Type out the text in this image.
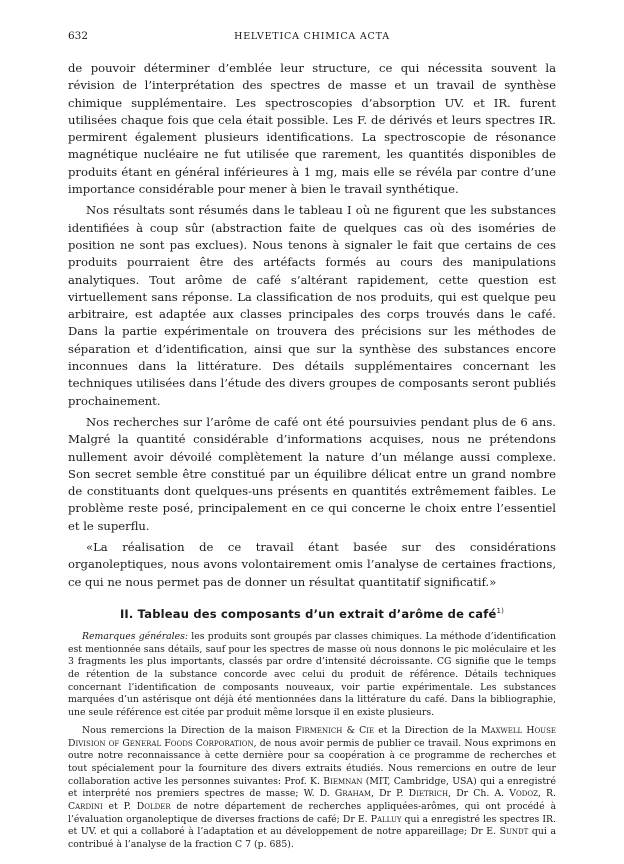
632	HELVETICA CHIMICA ACTA

de pouvoir déterminer d’emblée leur structure, ce qui nécessita souvent la révision de l’interprétation des spectres de masse et un travail de synthèse chimique supplémentaire. Les spectroscopies d’absorption UV. et IR. furent utilisées chaque fois que cela était possible. Les F. de dérivés et leurs spectres IR. permirent également plusieurs identifications. La spectroscopie de résonance magnétique nucléaire ne fut utilisée que rarement, les quantités disponibles de produits étant en général inférieures à 1 mg, mais elle se révéla par contre d’une importance considérable pour mener à bien le travail synthétique.

Nos résultats sont résumés dans le tableau I où ne figurent que les substances identifiées à coup sûr (abstraction faite de quelques cas où des isoméries de position ne sont pas exclues). Nous tenons à signaler le fait que certains de ces produits pourraient être des artéfacts formés au cours des manipulations analytiques. Tout arôme de café s’altérant rapidement, cette question est virtuellement sans réponse. La classification de nos produits, qui est quelque peu arbitraire, est adaptée aux classes principales des corps trouvés dans le café. Dans la partie expérimentale on trouvera des précisions sur les méthodes de séparation et d’identification, ainsi que sur la synthèse des substances encore inconnues dans la littérature. Des détails supplémentaires concernant les techniques utilisées dans l’étude des divers groupes de composants seront publiés prochainement.

Nos recherches sur l’arôme de café ont été poursuivies pendant plus de 6 ans. Malgré la quantité considérable d’informations acquises, nous ne prétendons nullement avoir dévoilé complètement la nature d’un mélange aussi complexe. Son secret semble être constitué par un équilibre délicat entre un grand nombre de constituants dont quelques-uns présents en quantités extrêmement faibles. Le problème reste posé, principalement en ce qui concerne le choix entre l’essentiel et le superflu.

«La réalisation de ce travail étant basée sur des considérations organoleptiques, nous avons volontairement omis l’analyse de certaines fractions, ce qui ne nous permet pas de donner un résultat quantitatif significatif.»

II. Tableau des composants d’un extrait d’arôme de café$^{1)}$

Remarques générales: les produits sont groupés par classes chimiques. La méthode d’identification est mentionnée sans détails, sauf pour les spectres de masse où nous donnons le pic moléculaire et les 3 fragments les plus importants, classés par ordre d’intensité décroissante. CG signifie que le temps de rétention de la substance concorde avec celui du produit de référence. Détails techniques concernant l’identification de composants nouveaux, voir partie expérimentale. Les substances marquées d’un astérisque ont déjà été mentionnées dans la littérature du café. Dans la bibliographie, une seule référence est citée par produit même lorsque il en existe plusieurs.

Nous remercions la Direction de la maison Firmenich & Cie et la Direction de la Maxwell House Division of General Foods Corporation, de nous avoir permis de publier ce travail. Nous exprimons en outre notre reconnaissance à cette dernière pour sa coopération à ce programme de recherches et tout spécialement pour la fourniture des divers extraits étudiés. Nous remercions en outre de leur collaboration active les personnes suivantes: Prof. K. Biemnan (MIT, Cambridge, USA) qui a enregistré et interprété nos premiers spectres de masse; W. D. Graham, Dr P. Dietrich, Dr Ch. A. Vodoz, R. Cardini et P. Dolder de notre département de recherches appliquées-arômes, qui ont procédé à l’évaluation organoleptique de diverses fractions de café; Dr E. Palluy qui a enregistré les spectres IR. et UV. et qui a collaboré à l’adaptation et au développement de notre appareillage; Dr E. Sundt qui a contribué à l’analyse de la fraction C 7 (p. 685).
